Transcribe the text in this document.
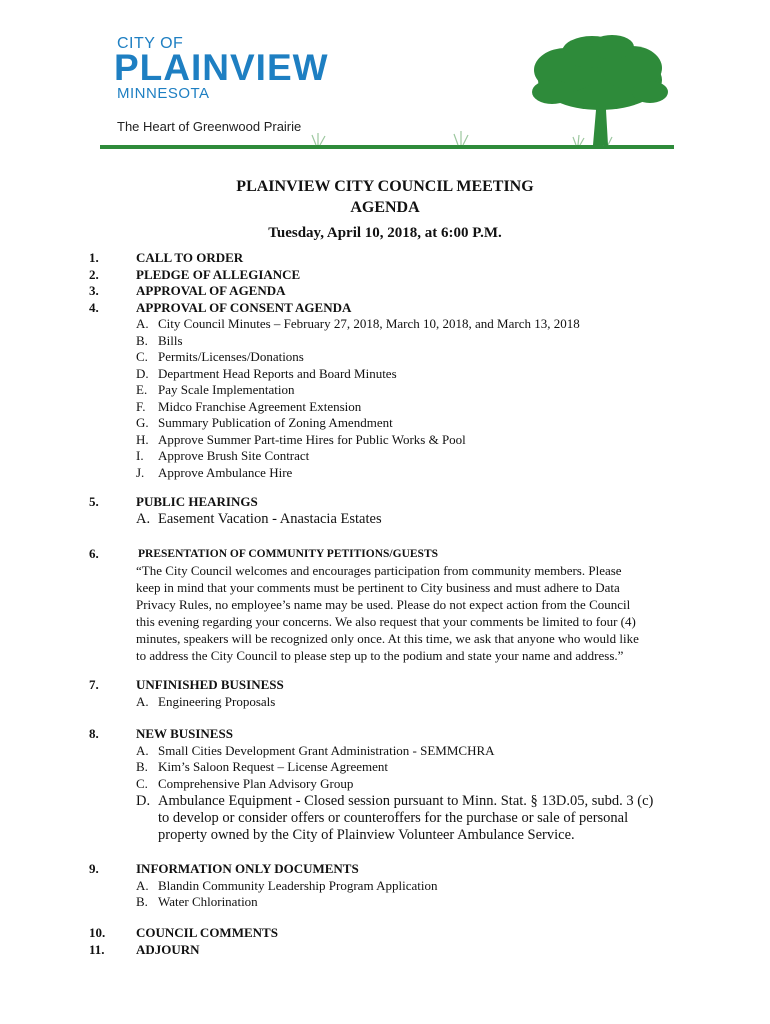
CITY OF
PLAINVIEW
MINNESOTA
The Heart of Greenwood Prairie
PLAINVIEW CITY COUNCIL MEETING
AGENDA
Tuesday, April 10, 2018, at 6:00 P.M.
1.	CALL TO ORDER
2.	PLEDGE OF ALLEGIANCE
3.	APPROVAL OF AGENDA
4.	APPROVAL OF CONSENT AGENDA
A. City Council Minutes – February 27, 2018, March 10, 2018, and March 13, 2018
B. Bills
C. Permits/Licenses/Donations
D. Department Head Reports and Board Minutes
E. Pay Scale Implementation
F. Midco Franchise Agreement Extension
G. Summary Publication of Zoning Amendment
H. Approve Summer Part-time Hires for Public Works & Pool
I. Approve Brush Site Contract
J. Approve Ambulance Hire
5.	PUBLIC HEARINGS
A. Easement Vacation - Anastacia Estates
6.	PRESENTATION OF COMMUNITY PETITIONS/GUESTS
“The City Council welcomes and encourages participation from community members. Please
keep in mind that your comments must be pertinent to City business and must adhere to Data
Privacy Rules, no employee’s name may be used. Please do not expect action from the Council
this evening regarding your concerns. We also request that your comments be limited to four (4)
minutes, speakers will be recognized only once. At this time, we ask that anyone who would like
to address the City Council to please step up to the podium and state your name and address.”
7.	UNFINISHED BUSINESS
A. Engineering Proposals
8.	NEW BUSINESS
A. Small Cities Development Grant Administration - SEMMCHRA
B. Kim’s Saloon Request – License Agreement
C. Comprehensive Plan Advisory Group
D. Ambulance Equipment - Closed session pursuant to Minn. Stat. § 13D.05, subd. 3 (c)
to develop or consider offers or counteroffers for the purchase or sale of personal
property owned by the City of Plainview Volunteer Ambulance Service.
9.	INFORMATION ONLY DOCUMENTS
A. Blandin Community Leadership Program Application
B. Water Chlorination
10. COUNCIL COMMENTS
11. ADJOURN
